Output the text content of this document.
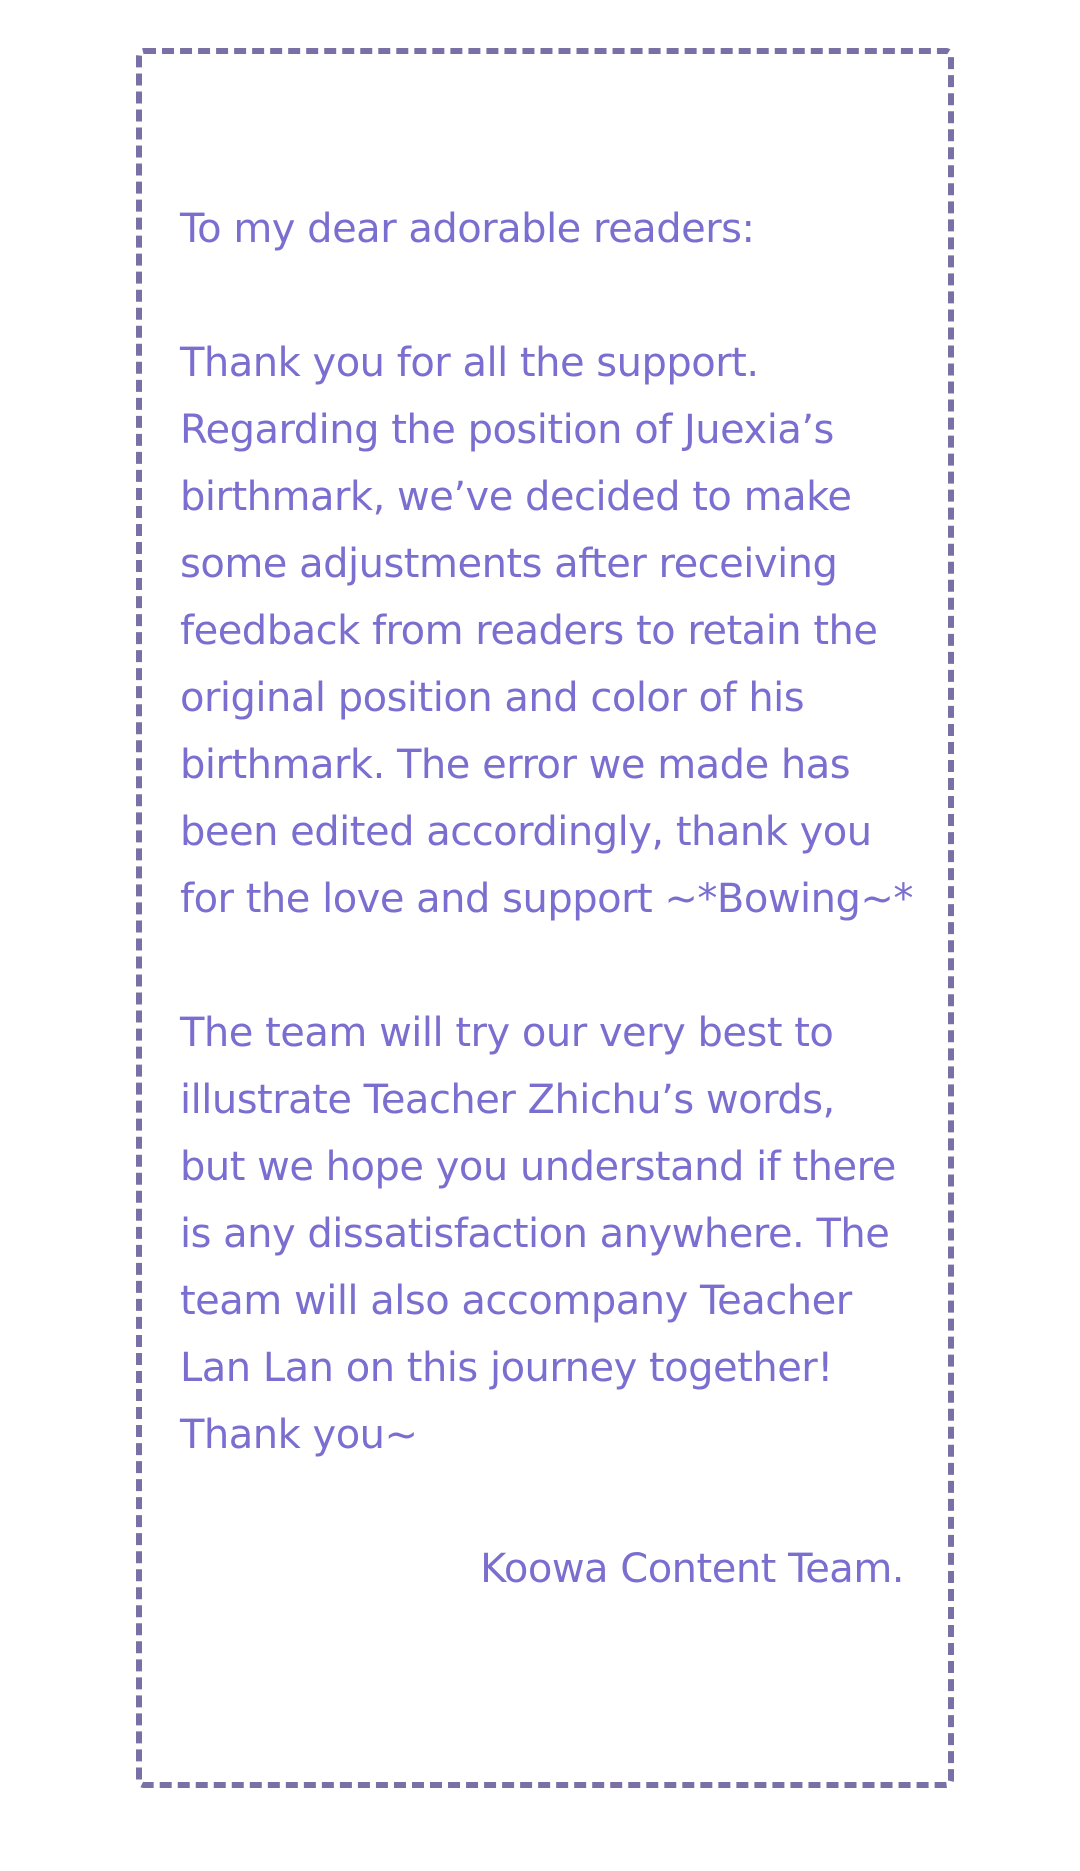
To my dear adorable readers:

Thank you for all the support.
Regarding the position of Juexia’s
birthmark, we’ve decided to make
some adjustments after receiving
feedback from readers to retain the
original position and color of his
birthmark. The error we made has
been edited accordingly, thank you
for the love and support ~*Bowing~*

The team will try our very best to
illustrate Teacher Zhichu’s words,
but we hope you understand if there
is any dissatisfaction anywhere. The
team will also accompany Teacher
Lan Lan on this journey together!
Thank you~

Koowa Content Team.
